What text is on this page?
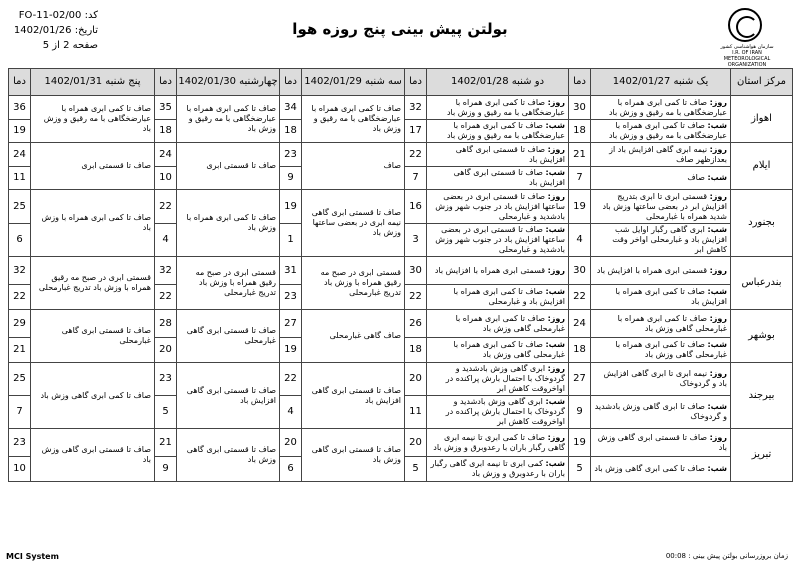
کد: FO-11-02/00
تاریخ: 1402/01/26
صفحه 2 از 5
بولتن پیش بینی پنج روزه هوا
سازمان هواشناسی کشور
I.R. OF IRAN
METEOROLOGICAL
ORGANIZATION
مرکز استان	یک شنبه 1402/01/27	دما	دو شنبه 1402/01/28	دما	سه شنبه 1402/01/29	دما	چهارشنبه 1402/01/30	دما	پنج شنبه 1402/01/31	دما
اهواز	روز: صاف تا کمی ابری همراه با عبارضخگاهی با مه رقیق و وزش باد	30	روز: صاف تا کمی ابری همراه با عبارضخگاهی با مه رقیق و وزش باد	32	صاف تا کمی ابری همراه با عبارضخگاهی با مه رقیق و وزش باد	34	صاف تا کمی ابری همراه با عبارضخگاهی با مه رقیق و وزش باد	35	صاف تا کمی ابری همراه با عبارضخگاهی با مه رقیق و وزش باد	36
	شب: صاف تا کمی ابری همراه با عبارضخگاهی با مه رقیق و وزش باد	18	شب: صاف تا کمی ابری همراه با عبارضخگاهی با مه رقیق و وزش باد	17		18		18		19
ایلام	روز: نیمه ابری گاهی افزایش باد از بعدازظهر صاف	21	روز: صاف تا قسمتی ابری گاهی افزایش باد	22	صاف	23	صاف تا قسمتی ابری	24	صاف تا قسمتی ابری	24
	شب: صاف	7	شب: صاف تا قسمتی ابری گاهی افزایش باد	7		9		10		11
بجنورد	روز: قسمتی ابری تا ابری بتدریج افزایش ابر در بعضی ساعتها وزش باد شدید همراه با غبارمحلی	19	روز: صاف تا قسمتی ابری در بعضی ساعتها افزایش باد در جنوب شهر وزش بادشدید و غبارمحلی	16	صاف تا قسمتی ابری گاهی نیمه ابری در بعضی ساعتها وزش باد	19	صاف تا کمی ابری همراه با وزش باد	22	صاف تا کمی ابری همراه با وزش باد	25
	شب: ابری گاهی رگبار اوایل شب افزایش باد و غبارمحلی اواخر وقت کاهش ابر	4	شب: صاف تا قسمتی ابری در بعضی ساعتها افزایش باد در جنوب شهر وزش بادشدید و غبارمحلی	3		1		4		6
بندرعباس	روز: قسمتی ابری همراه با افزایش باد	30	روز: قسمتی ابری همراه با افزایش باد	30	قسمتی ابری در صبح مه رقیق همراه با وزش باد تدریج غبارمحلی	31	قسمتی ابری در صبح مه رقیق همراه با وزش باد تدریج غبارمحلی	32	قسمتی ابری در صبح مه رقیق همراه با وزش باد تدریج غبارمحلی	32
	شب: صاف تا کمی ابری همراه با افزایش باد	22	شب: صاف تا کمی ابری همراه با افزایش باد و غبارمحلی	22		23		22		22
بوشهر	روز: صاف تا کمی ابری همراه با غبارمحلی گاهی وزش باد	24	روز: صاف تا کمی ابری همراه با غبارمحلی گاهی وزش باد	26	صاف گاهی غبارمحلی	27	صاف تا قسمتی ابری گاهی غبارمحلی	28	صاف تا قسمتی ابری گاهی غبارمحلی	29
	شب: صاف تا کمی ابری همراه با غبارمحلی گاهی وزش باد	18	شب: صاف تا کمی ابری همراه با غبارمحلی گاهی وزش باد	18		19		20		21
بیرجند	روز: نیمه ابری تا ابری گاهی افزایش باد و گردوخاک	27	روز: ابری گاهی وزش بادشدید و گردوخاک با احتمال بارش پراکنده در اواخروقت کاهش ابر	20	صاف تا قسمتی ابری گاهی افزایش باد	22	صاف تا قسمتی ابری گاهی افزایش باد	23	صاف تا کمی ابری گاهی وزش باد	25
	شب: صاف تا ابری گاهی وزش بادشدید و گردوخاک	9	شب: ابری گاهی وزش بادشدید و گردوخاک با احتمال بارش پراکنده در اواخروقت کاهش ابر	11		4		5		7
تبریز	روز: صاف تا قسمتی ابری گاهی وزش باد	19	روز: صاف تا کمی ابری تا نیمه ابری گاهی رگبار باران با رعدوبرق و وزش باد	20	صاف تا قسمتی ابری گاهی وزش باد	20	صاف تا قسمتی ابری گاهی وزش باد	21	صاف تا قسمتی ابری گاهی وزش باد	23
	شب: صاف تا کمی ابری گاهی وزش باد	5	شب: کمی ابری تا نیمه ابری گاهی رگبار باران با رعدوبرق و وزش باد	5		6		9		10
MCI System	زمان بروزرسانی بولتن پیش بینی : 00:08
